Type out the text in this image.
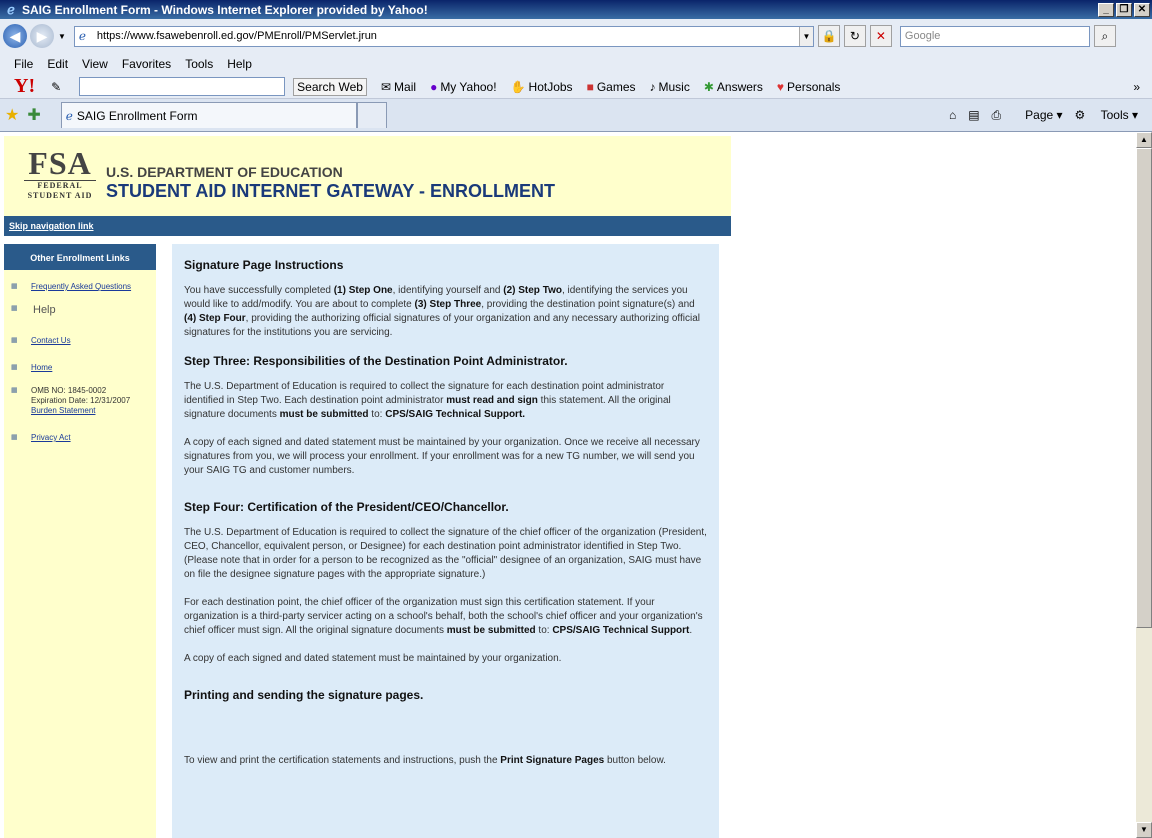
ℯ SAIG Enrollment Form - Windows Internet Explorer provided by Yahoo!	_	❐ ✕
◀	▶	▼ ℯ https://www.fsawebenroll.ed.gov/PMEnroll/PMServlet.jrun	▼ 🔒	↻	✕	Google	⌕
File Edit View Favorites Tools Help
Y! ✎	Search Web	✉ Mail ● My Yahoo! ✋ HotJobs ■ Games ♪ Music ✱ Answers ♥ Personals	»
★ ✚ ℯ SAIG Enrollment Form	⌂ ▤ ⎙	Page ▾ ⚙ Tools ▾
FSA
FEDERAL
STUDENT AID
U.S. DEPARTMENT OF EDUCATION
STUDENT AID INTERNET GATEWAY - ENROLLMENT
Skip navigation link
Other Enrollment Links
▦ Frequently Asked Questions
▦ Help
▦ Contact Us
▦ Home
▦ OMB NO: 1845-0002
Expiration Date: 12/31/2007
Burden Statement
▦ Privacy Act
Signature Page Instructions

You have successfully completed (1) Step One, identifying yourself and (2) Step Two, identifying the services you would like to add/modify. You are about to complete (3) Step Three, providing the destination point signature(s) and (4) Step Four, providing the authorizing official signatures of your organization and any necessary authorizing official signatures for the institutions you are servicing.

Step Three: Responsibilities of the Destination Point Administrator.

The U.S. Department of Education is required to collect the signature for each destination point administrator identified in Step Two. Each destination point administrator must read and sign this statement. All the original signature documents must be submitted to: CPS/SAIG Technical Support.

A copy of each signed and dated statement must be maintained by your organization. Once we receive all necessary signatures from you, we will process your enrollment. If your enrollment was for a new TG number, we will send you your SAIG TG and customer numbers.

Step Four: Certification of the President/CEO/Chancellor.

The U.S. Department of Education is required to collect the signature of the chief officer of the organization (President, CEO, Chancellor, equivalent person, or Designee) for each destination point administrator identified in Step Two. (Please note that in order for a person to be recognized as the "official" designee of an organization, SAIG must have on file the designee signature pages with the appropriate signature.)

For each destination point, the chief officer of the organization must sign this certification statement. If your organization is a third-party servicer acting on a school's behalf, both the school's chief officer and your organization's chief officer must sign. All the original signature documents must be submitted to: CPS/SAIG Technical Support.

A copy of each signed and dated statement must be maintained by your organization.

Printing and sending the signature pages.

To view and print the certification statements and instructions, push the Print Signature Pages button below.

▲
▼
